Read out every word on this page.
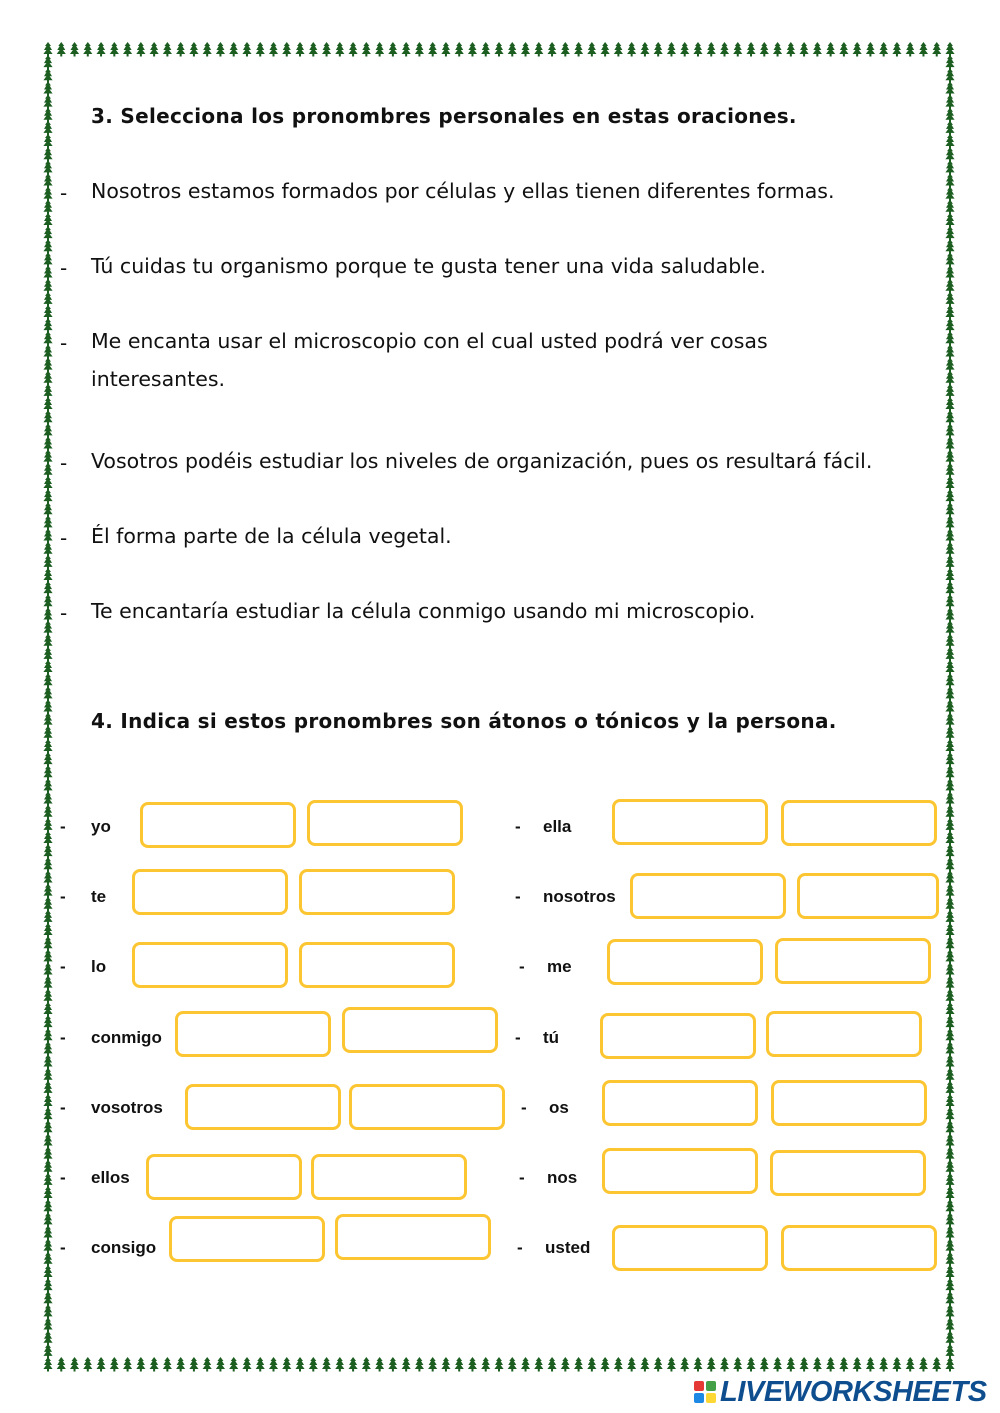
3. Selecciona los pronombres personales en estas oraciones.
- Nosotros estamos formados por células y ellas tienen diferentes formas.
- Tú cuidas tu organismo porque te gusta tener una vida saludable.
- Me encanta usar el microscopio con el cual usted podrá ver cosas
interesantes.
- Vosotros podéis estudiar los niveles de organización, pues os resultará fácil.
- Él forma parte de la célula vegetal.
- Te encantaría estudiar la célula conmigo usando mi microscopio.
4. Indica si estos pronombres son átonos o tónicos y la persona.
- yo
- te
- lo
- conmigo
- vosotros
- ellos
- consigo
- ella
- nosotros
- me
- tú
- os
- nos
- usted
LIVEWORKSHEETS
